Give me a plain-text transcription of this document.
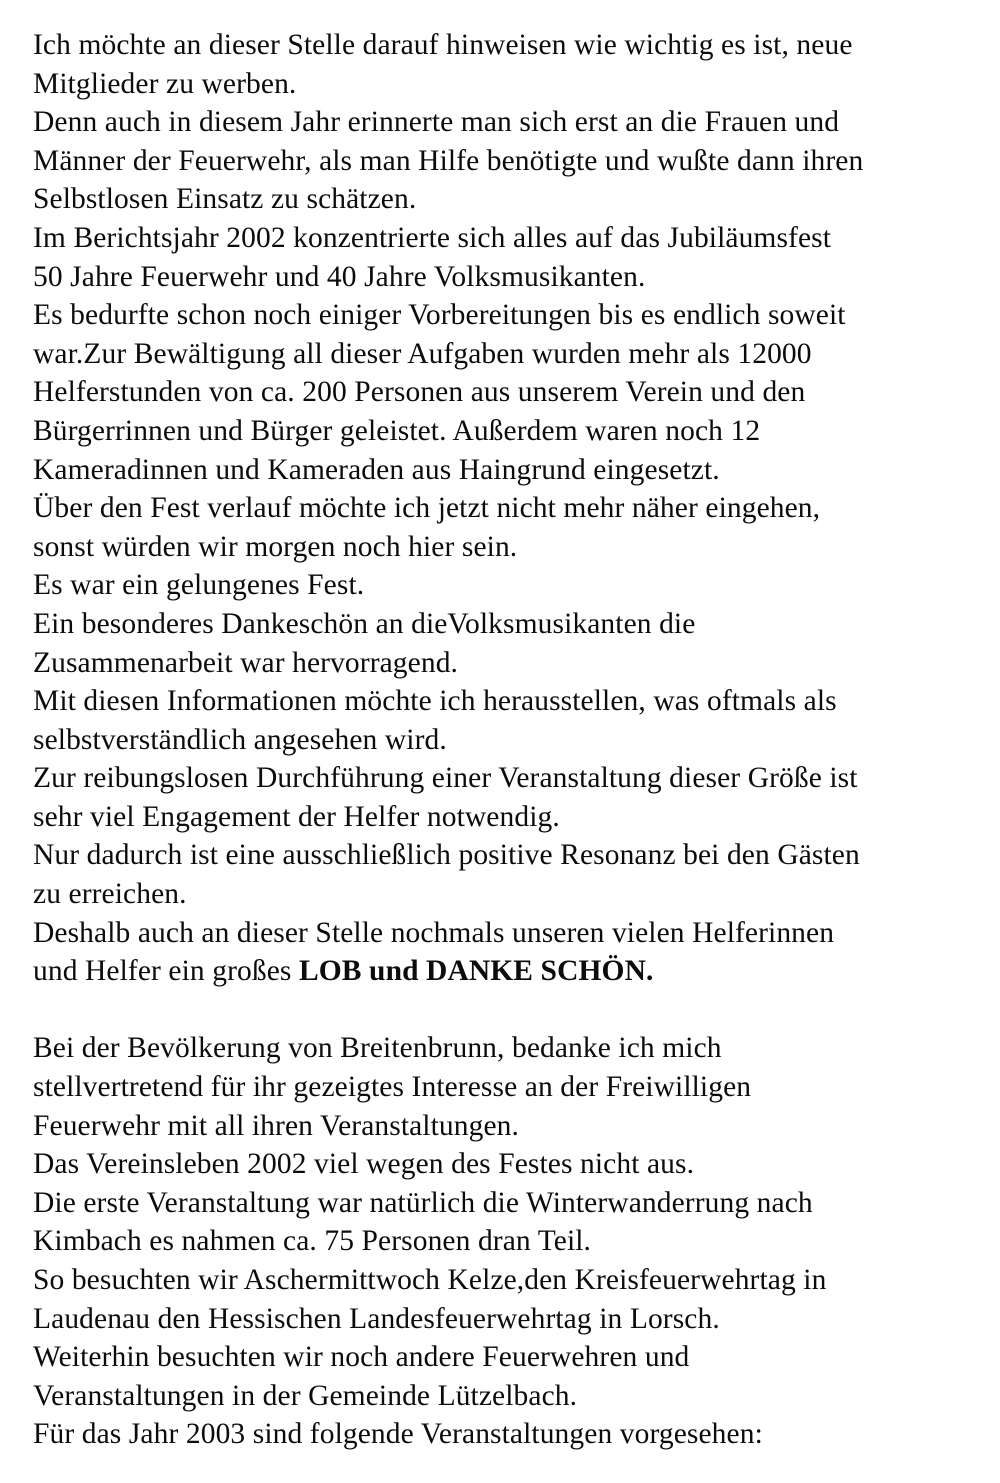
Ich möchte an dieser Stelle darauf hinweisen wie wichtig es ist, neue
Mitglieder zu werben.
Denn auch in diesem Jahr erinnerte man sich erst an die Frauen und
Männer der Feuerwehr, als man Hilfe benötigte und wußte dann ihren
Selbstlosen Einsatz zu schätzen.
Im Berichtsjahr 2002 konzentrierte sich alles auf das Jubiläumsfest
50 Jahre Feuerwehr und 40 Jahre Volksmusikanten.
Es bedurfte schon noch einiger Vorbereitungen bis es endlich soweit
war.Zur Bewältigung all dieser Aufgaben wurden mehr als 12000
Helferstunden von ca. 200 Personen aus unserem Verein und den
Bürgerrinnen und Bürger geleistet. Außerdem waren noch 12
Kameradinnen und Kameraden aus Haingrund eingesetzt.
Über den Fest verlauf möchte ich jetzt nicht mehr näher eingehen,
sonst würden wir morgen noch hier sein.
Es war ein gelungenes Fest.
Ein besonderes Dankeschön an dieVolksmusikanten die
Zusammenarbeit war hervorragend.
Mit diesen Informationen möchte ich herausstellen, was oftmals als
selbstverständlich angesehen wird.
Zur reibungslosen Durchführung einer Veranstaltung dieser Größe ist
sehr viel Engagement der Helfer notwendig.
Nur dadurch ist eine ausschließlich positive Resonanz bei den Gästen
zu erreichen.
Deshalb auch an dieser Stelle nochmals unseren vielen Helferinnen
und Helfer ein großes LOB und DANKE SCHÖN.
Bei der Bevölkerung von Breitenbrunn, bedanke ich mich
stellvertretend für ihr gezeigtes Interesse an der Freiwilligen
Feuerwehr mit all ihren Veranstaltungen.
Das Vereinsleben 2002 viel wegen des Festes nicht aus.
Die erste Veranstaltung war natürlich die Winterwanderrung nach
Kimbach es nahmen ca. 75 Personen dran Teil.
So besuchten wir Aschermittwoch Kelze,den Kreisfeuerwehrtag in
Laudenau den Hessischen Landesfeuerwehrtag in Lorsch.
Weiterhin besuchten wir noch andere Feuerwehren und
Veranstaltungen in der Gemeinde Lützelbach.
Für das Jahr 2003 sind folgende Veranstaltungen vorgesehen:
